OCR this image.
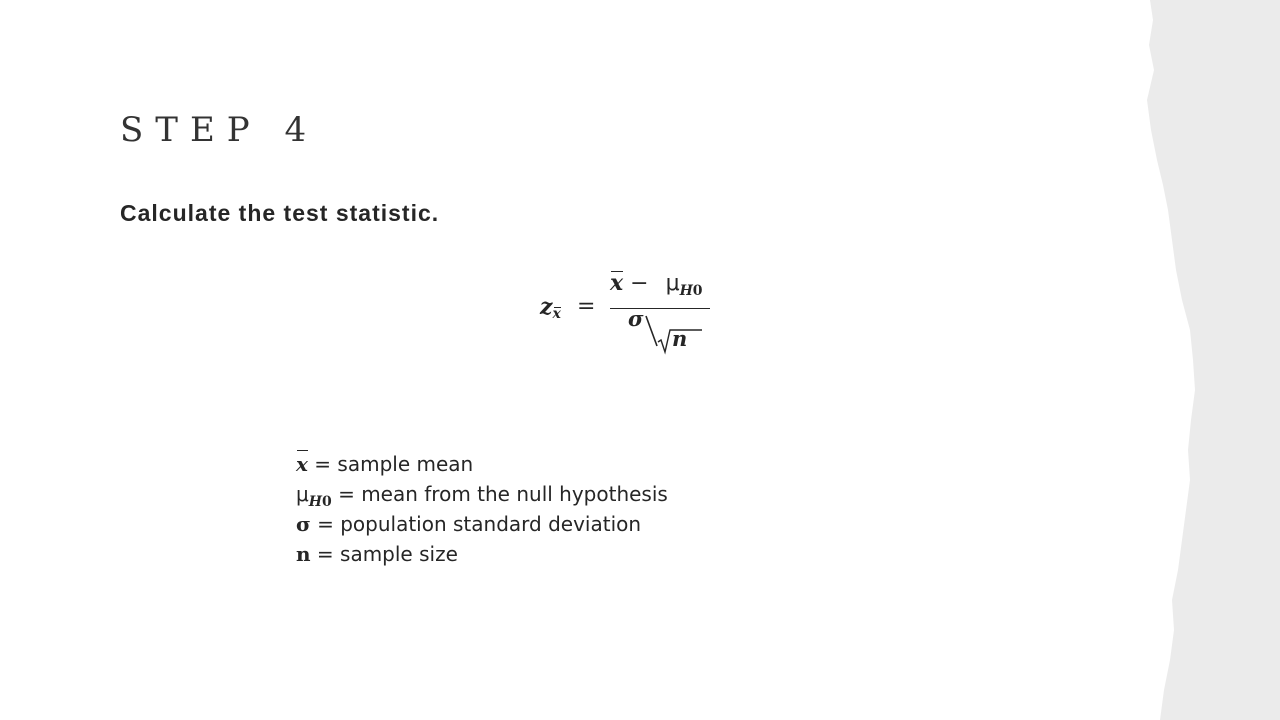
STEP 4
Calculate the test statistic.
$z_x$ =
$x - \mu_{H0}$
σ
n
x = sample mean
$\mu_{H0}$ = mean from the null hypothesis
σ = population standard deviation
n = sample size
